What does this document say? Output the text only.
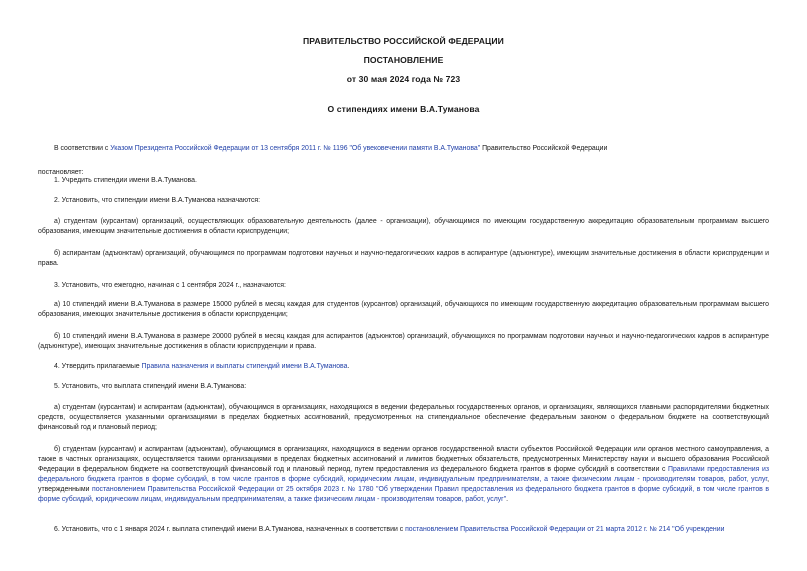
ПРАВИТЕЛЬСТВО РОССИЙСКОЙ ФЕДЕРАЦИИ
ПОСТАНОВЛЕНИЕ
от 30 мая 2024 года № 723
О стипендиях имени В.А.Туманова
В соответствии с Указом Президента Российской Федерации от 13 сентября 2011 г. № 1196 "Об увековечении памяти В.А.Туманова" Правительство Российской Федерации
постановляет:
1. Учредить стипендии имени В.А.Туманова.
2. Установить, что стипендии имени В.А.Туманова назначаются:
а) студентам (курсантам) организаций, осуществляющих образовательную деятельность (далее - организации), обучающимся по имеющим государственную аккредитацию образовательным программам высшего образования, имеющим значительные достижения в области юриспруденции;
б) аспирантам (адъюнктам) организаций, обучающимся по программам подготовки научных и научно-педагогических кадров в аспирантуре (адъюнктуре), имеющим значительные достижения в области юриспруденции и права.
3. Установить, что ежегодно, начиная с 1 сентября 2024 г., назначаются:
а) 10 стипендий имени В.А.Туманова в размере 15000 рублей в месяц каждая для студентов (курсантов) организаций, обучающихся по имеющим государственную аккредитацию образовательным программам высшего образования, имеющих значительные достижения в области юриспруденции;
б) 10 стипендий имени В.А.Туманова в размере 20000 рублей в месяц каждая для аспирантов (адъюнктов) организаций, обучающихся по программам подготовки научных и научно-педагогических кадров в аспирантуре (адъюнктуре), имеющих значительные достижения в области юриспруденции и права.
4. Утвердить прилагаемые Правила назначения и выплаты стипендий имени В.А.Туманова.
5. Установить, что выплата стипендий имени В.А.Туманова:
а) студентам (курсантам) и аспирантам (адъюнктам), обучающимся в организациях, находящихся в ведении федеральных государственных органов, и организациях, являющихся главными распорядителями бюджетных средств, осуществляется указанными организациями в пределах бюджетных ассигнований, предусмотренных на стипендиальное обеспечение федеральным законом о федеральном бюджете на соответствующий финансовый год и плановый период;
б) студентам (курсантам) и аспирантам (адъюнктам), обучающимся в организациях, находящихся в ведении органов государственной власти субъектов Российской Федерации или органов местного самоуправления, а также в частных организациях, осуществляется такими организациями в пределах бюджетных ассигнований и лимитов бюджетных обязательств, предусмотренных Министерству науки и высшего образования Российской Федерации в федеральном бюджете на соответствующий финансовый год и плановый период, путем предоставления из федерального бюджета грантов в форме субсидий в соответствии с Правилами предоставления из федерального бюджета грантов в форме субсидий, в том числе грантов в форме субсидий, юридическим лицам, индивидуальным предпринимателям, а также физическим лицам - производителям товаров, работ, услуг, утвержденными постановлением Правительства Российской Федерации от 25 октября 2023 г. № 1780 "Об утверждении Правил предоставления из федерального бюджета грантов в форме субсидий, в том числе грантов в форме субсидий, юридическим лицам, индивидуальным предпринимателям, а также физическим лицам - производителям товаров, работ, услуг".
6. Установить, что с 1 января 2024 г. выплата стипендий имени В.А.Туманова, назначенных в соответствии с постановлением Правительства Российской Федерации от 21 марта 2012 г. № 214 "Об учреждении
